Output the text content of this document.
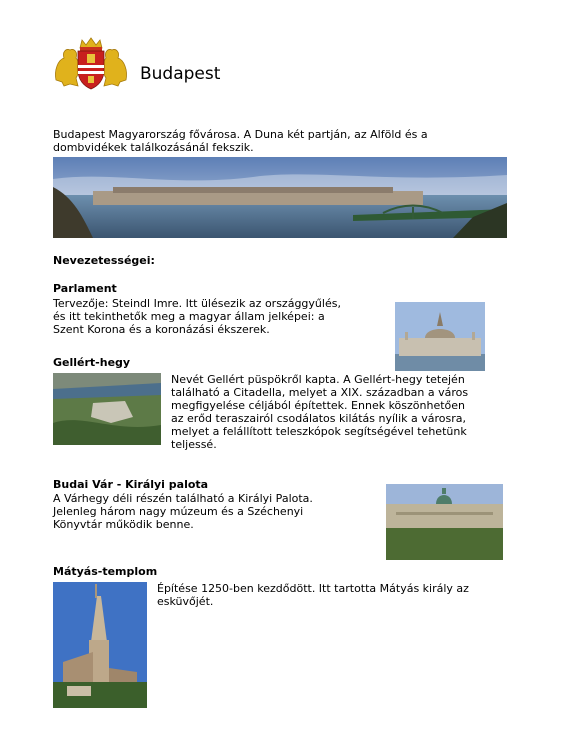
Budapest
Budapest Magyarország fővárosa. A Duna két partján, az Alföld és a dombvidékek találkozásánál fekszik.
Nevezetességei:
Parlament
Tervezője: Steindl Imre. Itt ülésezik az országgyűlés,
és itt tekinthetők meg a magyar állam jelképei: a
Szent Korona és a koronázási ékszerek.
Gellért-hegy
Nevét Gellért püspökről kapta. A Gellért-hegy tetején
található a Citadella, melyet a XIX. században a város
megfigyelése céljából építettek. Ennek köszönhetően
az erőd teraszairól csodálatos kilátás nyílik a városra,
melyet a felállított teleszkópok segítségével tehetünk
teljessé.
Budai Vár - Királyi palota
A Várhegy déli részén található a Királyi Palota.
Jelenleg három nagy múzeum és a Széchenyi
Könyvtár működik benne.
Mátyás-templom
Építése 1250-ben kezdődött. Itt tartotta Mátyás király az
esküvőjét.
